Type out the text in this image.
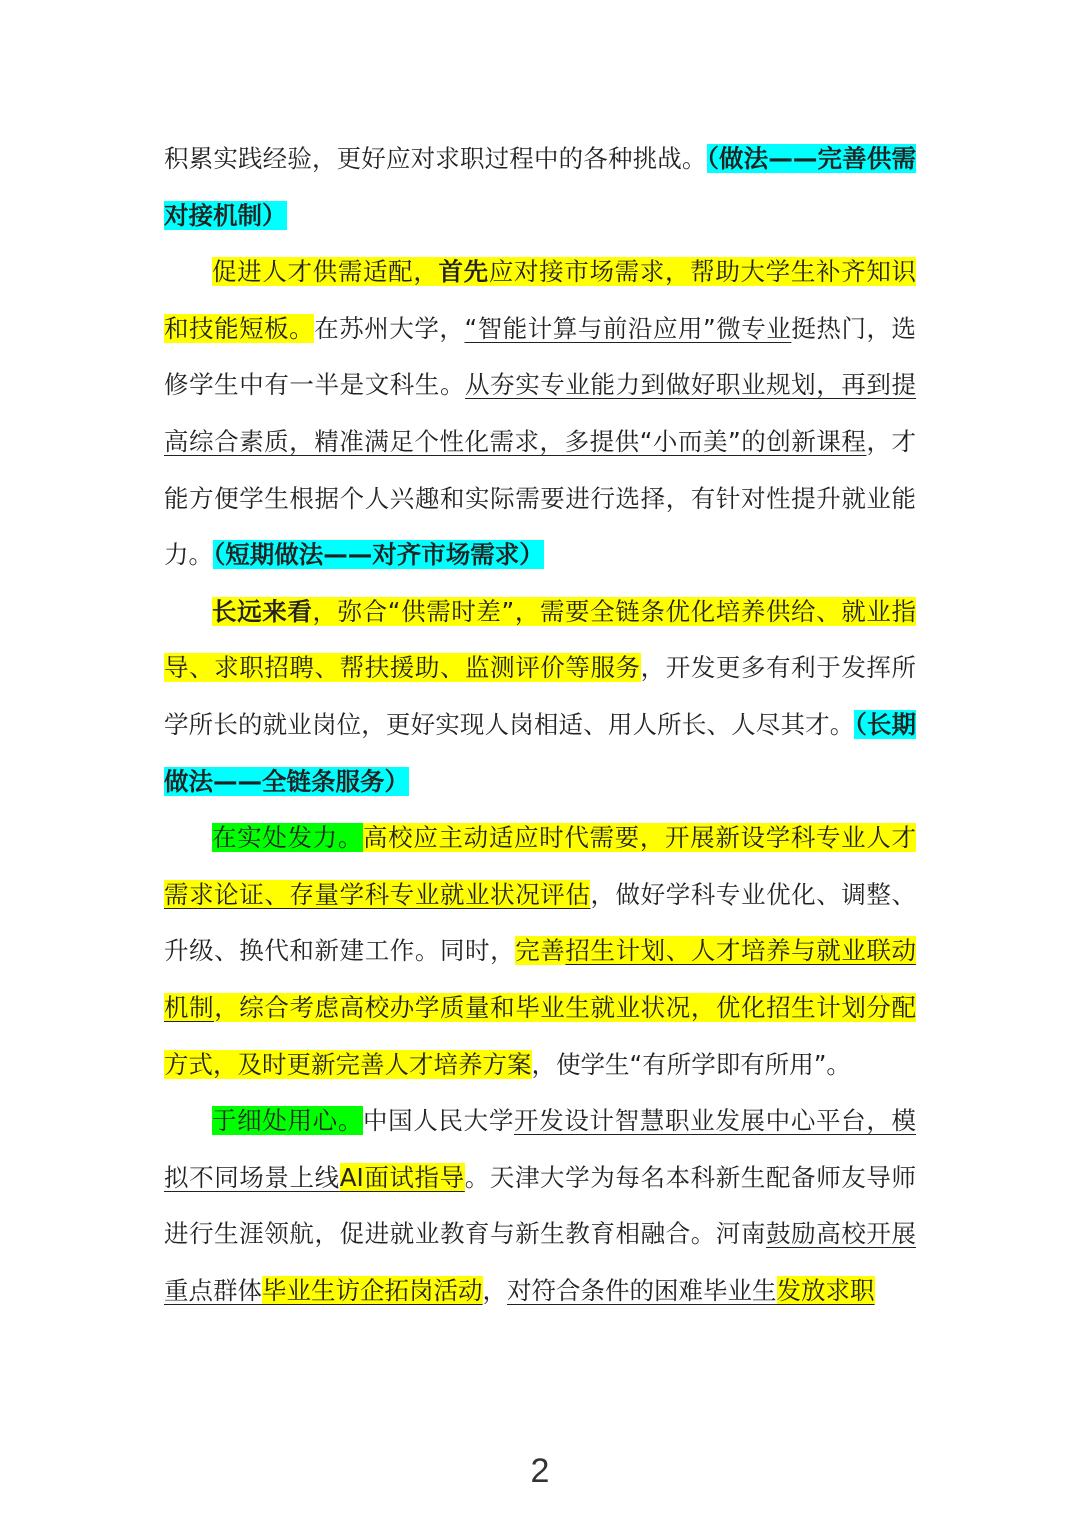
积累实践经验，更好应对求职过程中的各种挑战。（做法——完善供需对接机制）

促进人才供需适配，首先应对接市场需求，帮助大学生补齐知识和技能短板。在苏州大学，“智能计算与前沿应用”微专业挺热门，选修学生中有一半是文科生。从夯实专业能力到做好职业规划，再到提高综合素质，精准满足个性化需求，多提供“小而美”的创新课程，才能方便学生根据个人兴趣和实际需要进行选择，有针对性提升就业能力。（短期做法——对齐市场需求）

长远来看，弥合“供需时差”，需要全链条优化培养供给、就业指导、求职招聘、帮扶援助、监测评价等服务，开发更多有利于发挥所学所长的就业岗位，更好实现人岗相适、用人所长、人尽其才。（长期做法——全链条服务）

在实处发力。高校应主动适应时代需要，开展新设学科专业人才需求论证、存量学科专业就业状况评估，做好学科专业优化、调整、升级、换代和新建工作。同时，完善招生计划、人才培养与就业联动机制，综合考虑高校办学质量和毕业生就业状况，优化招生计划分配方式，及时更新完善人才培养方案，使学生“有所学即有所用”。

于细处用心。中国人民大学开发设计智慧职业发展中心平台，模拟不同场景上线AI面试指导。天津大学为每名本科新生配备师友导师进行生涯领航，促进就业教育与新生教育相融合。河南鼓励高校开展重点群体毕业生访企拓岗活动，对符合条件的困难毕业生发放求职

2
